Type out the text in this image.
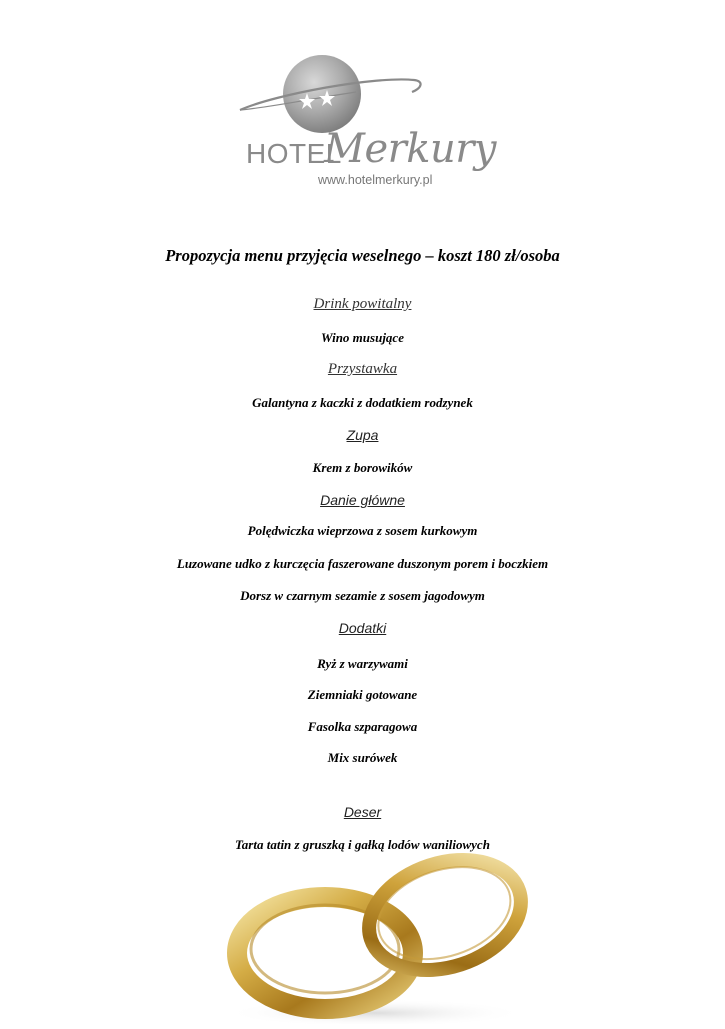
HOTEL
Merkury
www.hotelmerkury.pl
Propozycja menu przyjęcia weselnego – koszt 180 zł/osoba
Drink powitalny
Wino musujące
Przystawka
Galantyna z kaczki z dodatkiem rodzynek
Zupa
Krem z borowików
Danie główne
Polędwiczka wieprzowa z sosem kurkowym
Luzowane udko z kurczęcia faszerowane duszonym porem i boczkiem
Dorsz w czarnym sezamie z sosem jagodowym
Dodatki
Ryż z warzywami
Ziemniaki gotowane
Fasolka szparagowa
Mix surówek
Deser
Tarta tatin z gruszką i gałką lodów waniliowych
